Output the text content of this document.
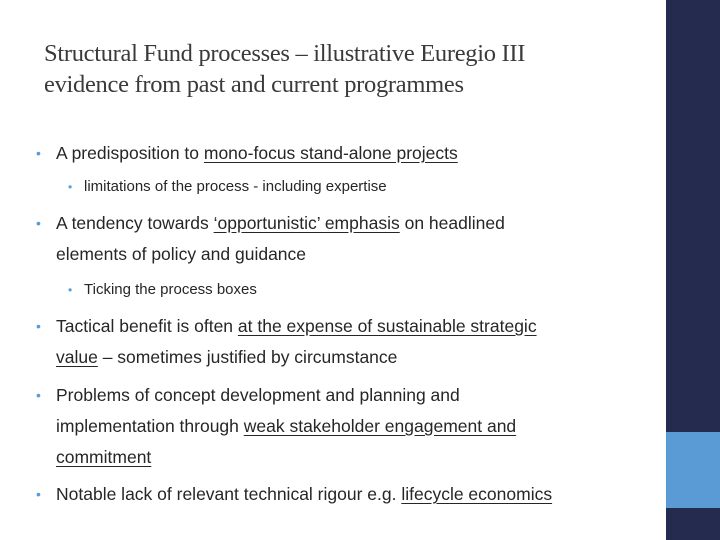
Structural Fund processes – illustrative Euregio III
evidence from past and current programmes
• A predisposition to mono-focus stand-alone projects
• limitations of the process - including expertise
• A tendency towards ‘opportunistic’ emphasis on headlined
elements of policy and guidance
• Ticking the process boxes
• Tactical benefit is often at the expense of sustainable strategic
value – sometimes justified by circumstance
• Problems of concept development and planning and
implementation through weak stakeholder engagement and
commitment
• Notable lack of relevant technical rigour e.g. lifecycle economics
